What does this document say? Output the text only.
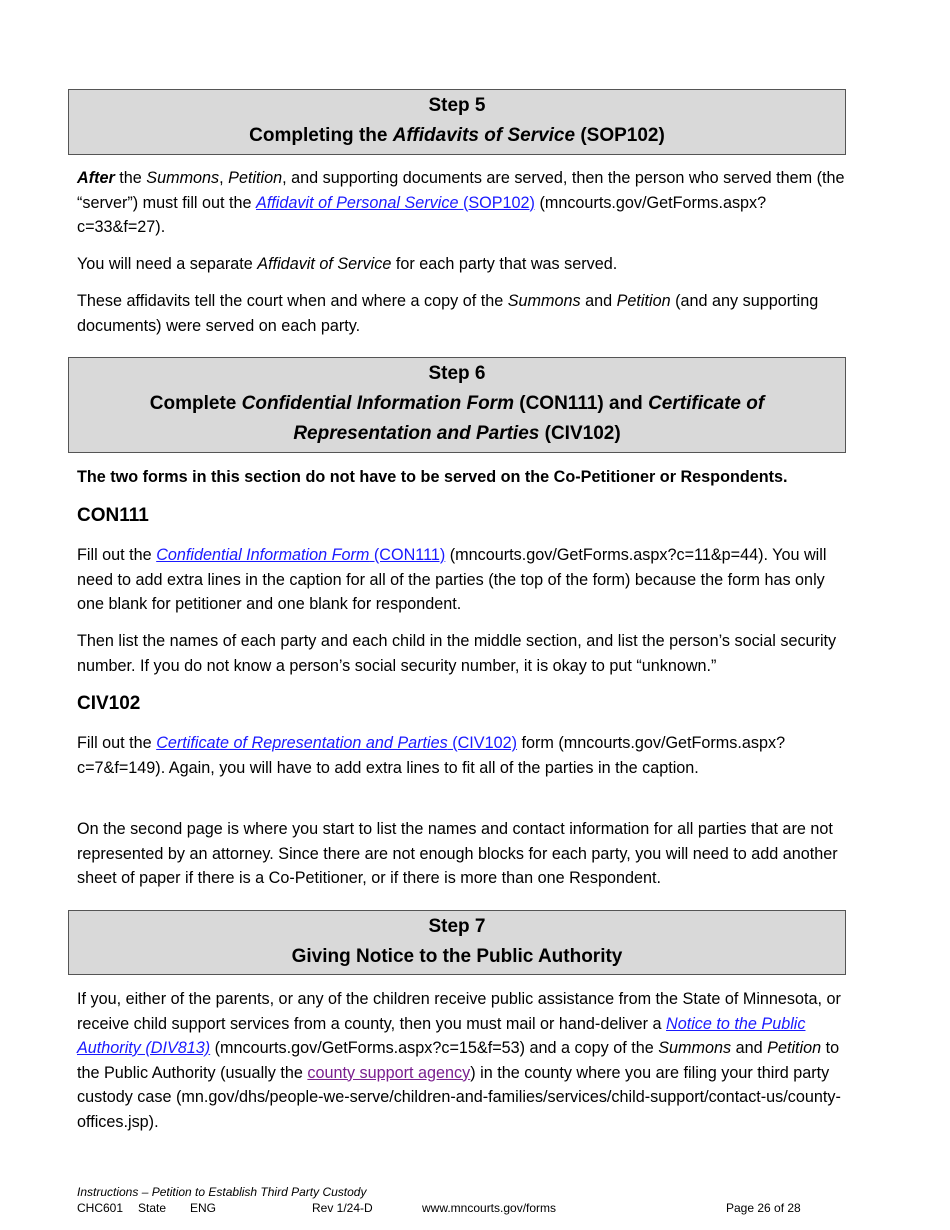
Step 5
Completing the Affidavits of Service (SOP102)
After the Summons, Petition, and supporting documents are served, then the person who served them (the “server”) must fill out the Affidavit of Personal Service (SOP102) (mncourts.gov/GetForms.aspx?c=33&f=27).
You will need a separate Affidavit of Service for each party that was served.
These affidavits tell the court when and where a copy of the Summons and Petition (and any supporting documents) were served on each party.
Step 6
Complete Confidential Information Form (CON111) and Certificate of
Representation and Parties (CIV102)
The two forms in this section do not have to be served on the Co-Petitioner or Respondents.
CON111
Fill out the Confidential Information Form (CON111) (mncourts.gov/GetForms.aspx?c=11&p=44). You will need to add extra lines in the caption for all of the parties (the top of the form) because the form has only one blank for petitioner and one blank for respondent.
Then list the names of each party and each child in the middle section, and list the person’s social security number. If you do not know a person’s social security number, it is okay to put “unknown.”
CIV102
Fill out the Certificate of Representation and Parties (CIV102) form (mncourts.gov/GetForms.aspx?c=7&f=149). Again, you will have to add extra lines to fit all of the parties in the caption.
On the second page is where you start to list the names and contact information for all parties that are not represented by an attorney. Since there are not enough blocks for each party, you will need to add another sheet of paper if there is a Co-Petitioner, or if there is more than one Respondent.
Step 7
Giving Notice to the Public Authority
If you, either of the parents, or any of the children receive public assistance from the State of Minnesota, or receive child support services from a county, then you must mail or hand-deliver a Notice to the Public Authority (DIV813) (mncourts.gov/GetForms.aspx?c=15&f=53) and a copy of the Summons and Petition to the Public Authority (usually the county support agency) in the county where you are filing your third party custody case (mn.gov/dhs/people-we-serve/children-and-families/services/child-support/contact-us/county-offices.jsp).
Instructions – Petition to Establish Third Party Custody
CHC601 State ENG	Rev 1/24-D	www.mncourts.gov/forms	Page 26 of 28
